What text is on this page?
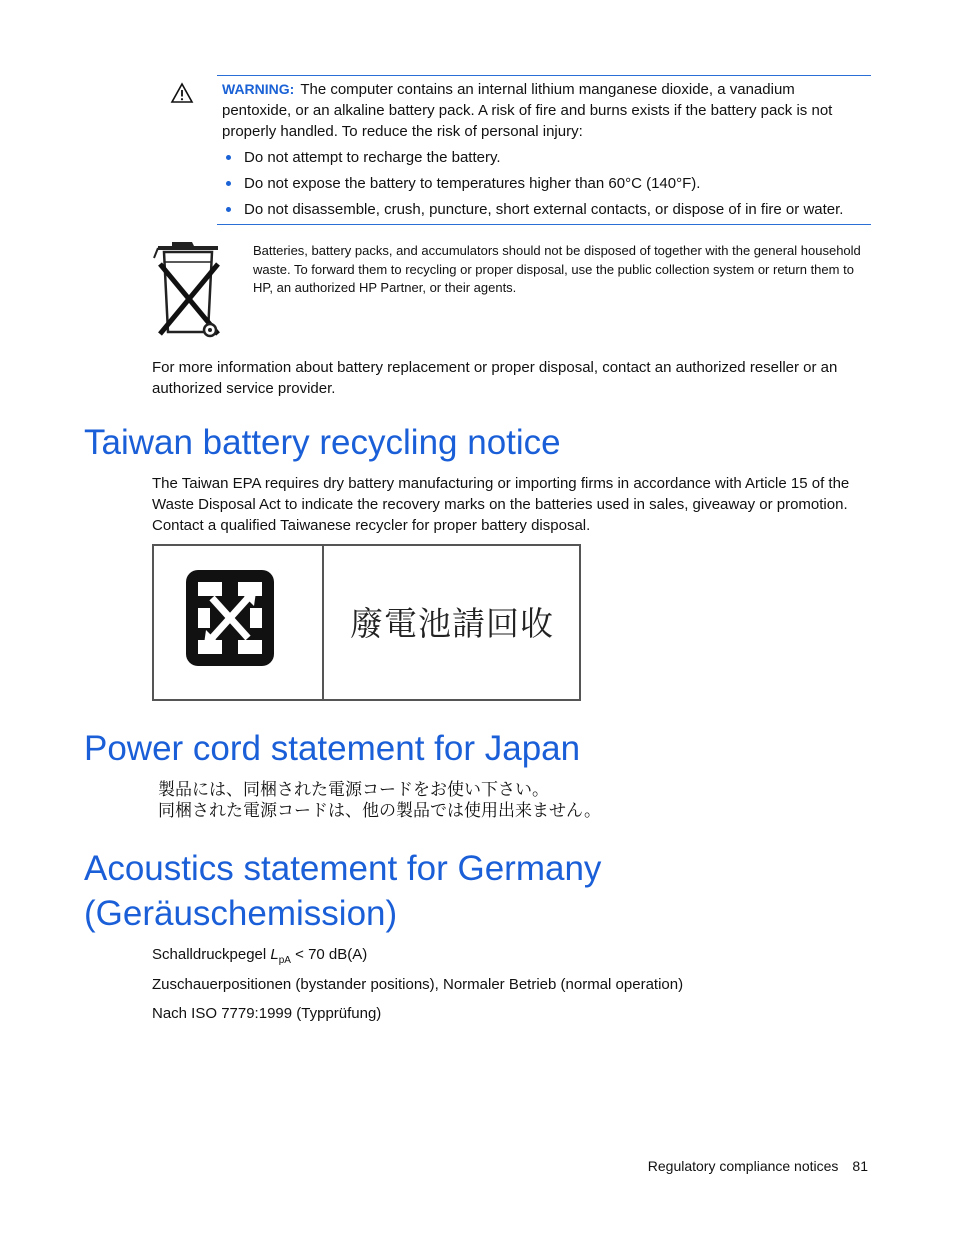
WARNING: The computer contains an internal lithium manganese dioxide, a vanadium pentoxide, or an alkaline battery pack. A risk of fire and burns exists if the battery pack is not properly handled. To reduce the risk of personal injury:
Do not attempt to recharge the battery.
Do not expose the battery to temperatures higher than 60°C (140°F).
Do not disassemble, crush, puncture, short external contacts, or dispose of in fire or water.
Batteries, battery packs, and accumulators should not be disposed of together with the general household waste. To forward them to recycling or proper disposal, use the public collection system or return them to HP, an authorized HP Partner, or their agents.
For more information about battery replacement or proper disposal, contact an authorized reseller or an authorized service provider.
Taiwan battery recycling notice
The Taiwan EPA requires dry battery manufacturing or importing firms in accordance with Article 15 of the Waste Disposal Act to indicate the recovery marks on the batteries used in sales, giveaway or promotion. Contact a qualified Taiwanese recycler for proper battery disposal.
廢電池請回收
Power cord statement for Japan
製品には、同梱された電源コードをお使い下さい。
同梱された電源コードは、他の製品では使用出来ません。
Acoustics statement for Germany
(Geräuschemission)
Schalldruckpegel $L_{pA} < 70$ dB(A)
Zuschauerpositionen (bystander positions), Normaler Betrieb (normal operation)
Nach ISO 7779:1999 (Typprüfung)
Regulatory compliance notices 81
